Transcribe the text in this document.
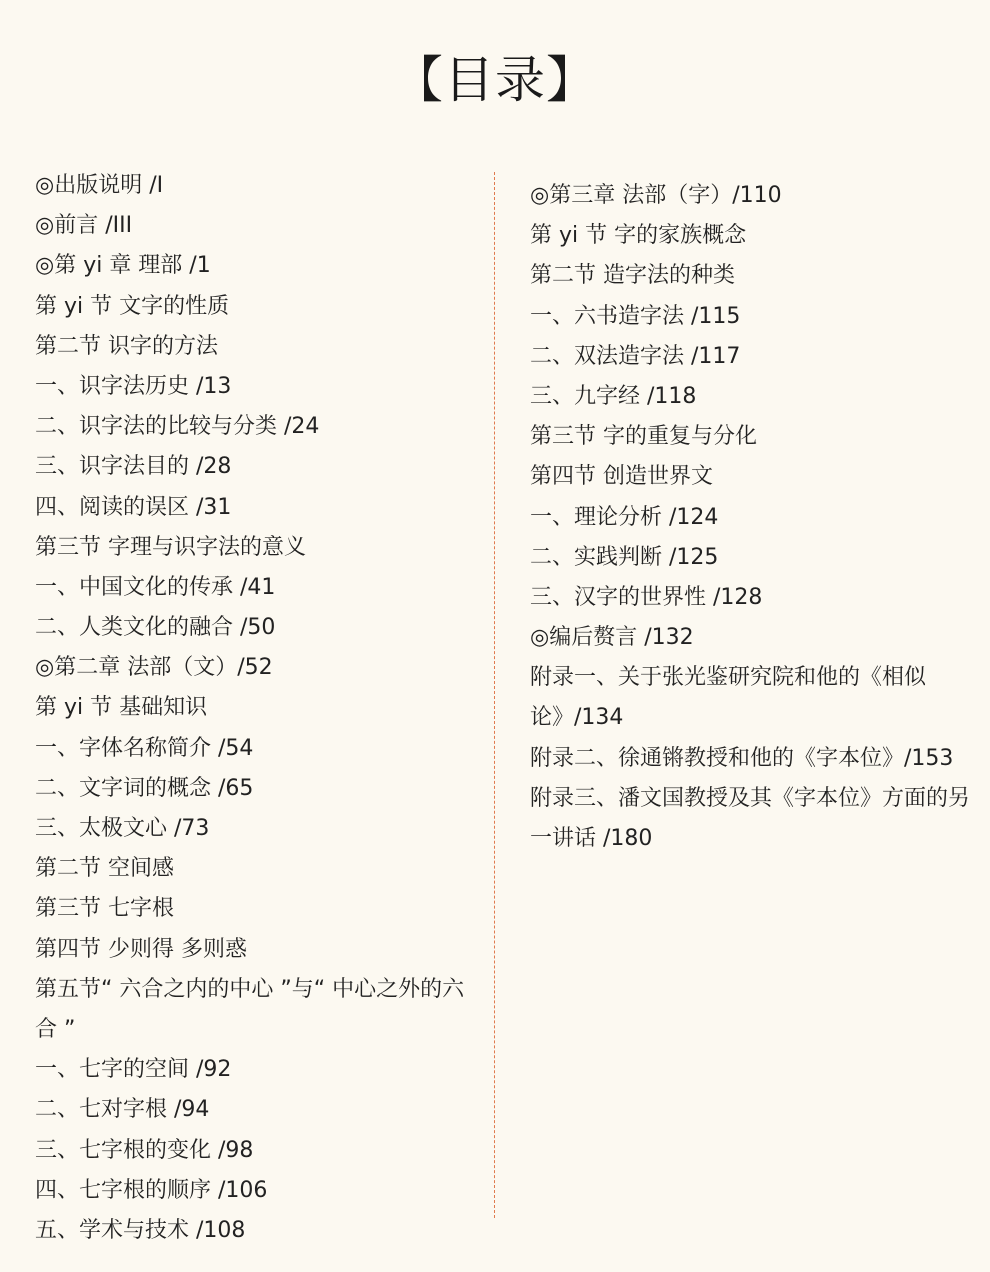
【目录】
◎出版说明 /I
◎前言 /III
◎第 yi 章 理部 /1
第 yi 节 文字的性质
第二节 识字的方法
一、识字法历史 /13
二、识字法的比较与分类 /24
三、识字法目的 /28
四、阅读的误区 /31
第三节 字理与识字法的意义
一、中国文化的传承 /41
二、人类文化的融合 /50
◎第二章 法部（文）/52
第 yi 节 基础知识
一、字体名称简介 /54
二、文字词的概念 /65
三、太极文心 /73
第二节 空间感
第三节 七字根
第四节 少则得 多则惑
第五节“ 六合之内的中心 ”与“ 中心之外的六合 ”
一、七字的空间 /92
二、七对字根 /94
三、七字根的变化 /98
四、七字根的顺序 /106
五、学术与技术 /108
◎第三章 法部（字）/110
第 yi 节 字的家族概念
第二节 造字法的种类
一、六书造字法 /115
二、双法造字法 /117
三、九字经 /118
第三节 字的重复与分化
第四节 创造世界文
一、理论分析 /124
二、实践判断 /125
三、汉字的世界性 /128
◎编后赘言 /132
附录一、关于张光鉴研究院和他的《相似论》/134
附录二、徐通锵教授和他的《字本位》/153
附录三、潘文国教授及其《字本位》方面的另一讲话 /180
